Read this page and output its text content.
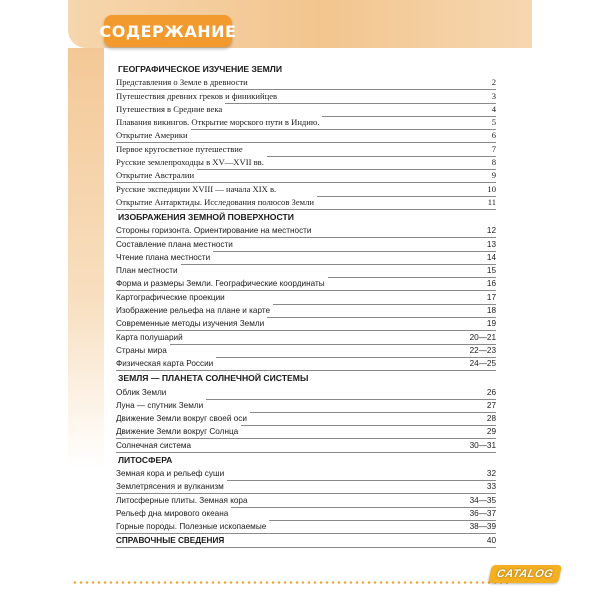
СОДЕРЖАНИЕ
ГЕОГРАФИЧЕСКОЕ ИЗУЧЕНИЕ ЗЕМЛИ
Представления о Земле в древности	2
Путешествия древних греков и финикийцев	3
Путешествия в Средние века	4
Плавания викингов. Открытие морского пути в Индию.	5
Открытие Америки	6
Первое кругосветное путешествие	7
Русские землепроходцы в XV—XVII вв.	8
Открытие Австралии	9
Русские экспедиции XVIII — начала XIX в.	10
Открытие Антарктиды. Исследования полюсов Земли	11
ИЗОБРАЖЕНИЯ ЗЕМНОЙ ПОВЕРХНОСТИ
Стороны горизонта. Ориентирование на местности	12
Составление плана местности	13
Чтение плана местности	14
План местности	15
Форма и размеры Земли. Географические координаты	16
Картографические проекции	17
Изображение рельефа на плане и карте	18
Современные методы изучения Земли	19
Карта полушарий	20—21
Страны мира	22—23
Физическая карта России	24—25
ЗЕМЛЯ — ПЛАНЕТА СОЛНЕЧНОЙ СИСТЕМЫ
Облик Земли	26
Луна — спутник Земли	27
Движение Земли вокруг своей оси	28
Движение Земли вокруг Солнца	29
Солнечная система	30—31
ЛИТОСФЕРА
Земная кора и рельеф суши	32
Землетрясения и вулканизм	33
Литосферные плиты. Земная кора	34—35
Рельеф дна мирового океана	36—37
Горные породы. Полезные ископаемые	38—39
СПРАВОЧНЫЕ СВЕДЕНИЯ	40
CATALOG
